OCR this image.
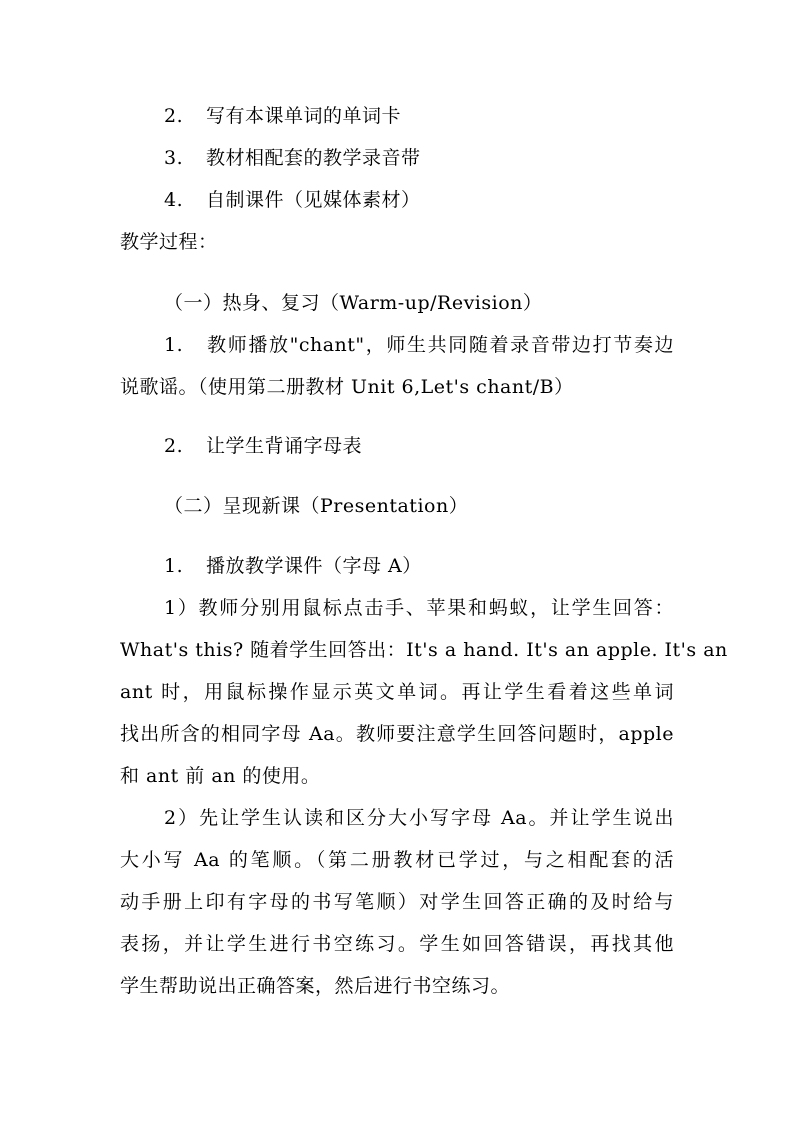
2. 写有本课单词的单词卡
3. 教材相配套的教学录音带
4. 自制课件（见媒体素材）
教学过程：
（一）热身、复习（Warm-up/Revision）
1. 教师播放"chant"，师生共同随着录音带边打节奏边
说歌谣。（使用第二册教材 Unit 6,Let's chant/B）
2. 让学生背诵字母表
（二）呈现新课（Presentation）
1. 播放教学课件（字母 A）
1）教师分别用鼠标点击手、苹果和蚂蚁，让学生回答：
What's this? 随着学生回答出：It's a hand. It's an apple. It's an
ant 时，用鼠标操作显示英文单词。再让学生看着这些单词
找出所含的相同字母 Aa。教师要注意学生回答问题时，apple
和 ant 前 an 的使用。
2）先让学生认读和区分大小写字母 Aa。并让学生说出
大小写 Aa 的笔顺。（第二册教材已学过，与之相配套的活
动手册上印有字母的书写笔顺）对学生回答正确的及时给与
表扬，并让学生进行书空练习。学生如回答错误，再找其他
学生帮助说出正确答案，然后进行书空练习。
